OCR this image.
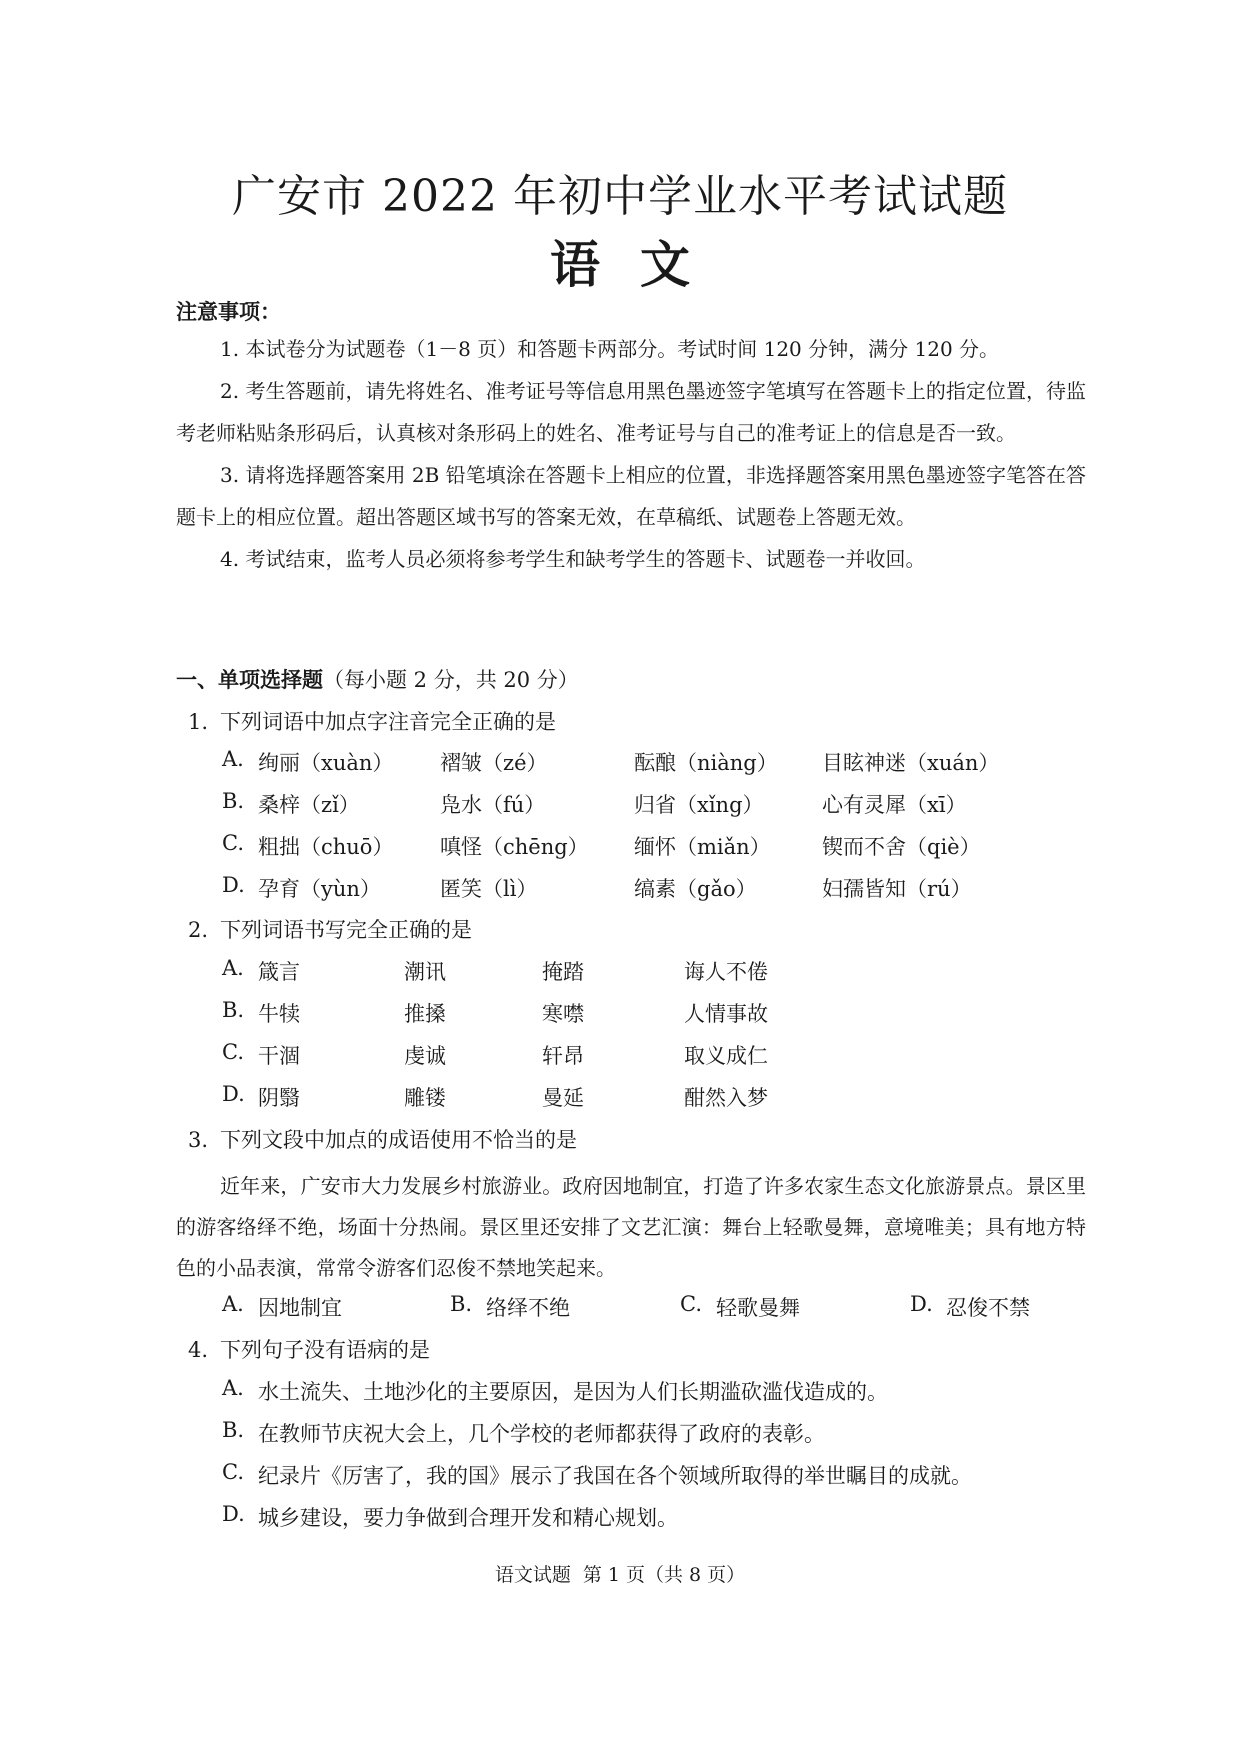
广安市 2022 年初中学业水平考试试题
语文
注意事项：

1. 本试卷分为试题卷（1－8 页）和答题卡两部分。考试时间 120 分钟，满分 120 分。

2. 考生答题前，请先将姓名、准考证号等信息用黑色墨迹签字笔填写在答题卡上的指定位置，待监考老师粘贴条形码后，认真核对条形码上的姓名、准考证号与自己的准考证上的信息是否一致。

3. 请将选择题答案用 2B 铅笔填涂在答题卡上相应的位置，非选择题答案用黑色墨迹签字笔答在答题卡上的相应位置。超出答题区域书写的答案无效，在草稿纸、试题卷上答题无效。

4. 考试结束，监考人员必须将参考学生和缺考学生的答题卡、试题卷一并收回。

一、单项选择题（每小题 2 分，共 20 分）
1. 下列词语中加点字注音完全正确的是
A. 绚丽（xuàn） 褶皱（zé）	酝酿（niàng） 目眩神迷（xuán）
B. 桑梓（zǐ）	凫水（fú）	归省（xǐng）	心有灵犀（xī）
C. 粗拙（chuō） 嗔怪（chēng） 缅怀（miǎn） 锲而不舍（qiè）
D. 孕育（yùn）	匿笑（lì）	缟素（gǎo）	妇孺皆知（rú）
2. 下列词语书写完全正确的是
A. 箴言	潮讯	掩踏	诲人不倦
B. 牛犊	推搡	寒噤	人情事故
C. 干涸	虔诚	轩昂	取义成仁
D. 阴翳	雕镂	曼延	酣然入梦
3. 下列文段中加点的成语使用不恰当的是
近年来，广安市大力发展乡村旅游业。政府因地制宜，打造了许多农家生态文化旅游景点。景区里的游客络绎不绝，场面十分热闹。景区里还安排了文艺汇演：舞台上轻歌曼舞，意境唯美；具有地方特色的小品表演，常常令游客们忍俊不禁地笑起来。
A. 因地制宜	B. 络绎不绝	C. 轻歌曼舞	D. 忍俊不禁
4. 下列句子没有语病的是
A. 水土流失、土地沙化的主要原因，是因为人们长期滥砍滥伐造成的。
B. 在教师节庆祝大会上，几个学校的老师都获得了政府的表彰。
C. 纪录片《厉害了，我的国》展示了我国在各个领域所取得的举世瞩目的成就。
D. 城乡建设，要力争做到合理开发和精心规划。
语文试题 第 1 页（共 8 页）
